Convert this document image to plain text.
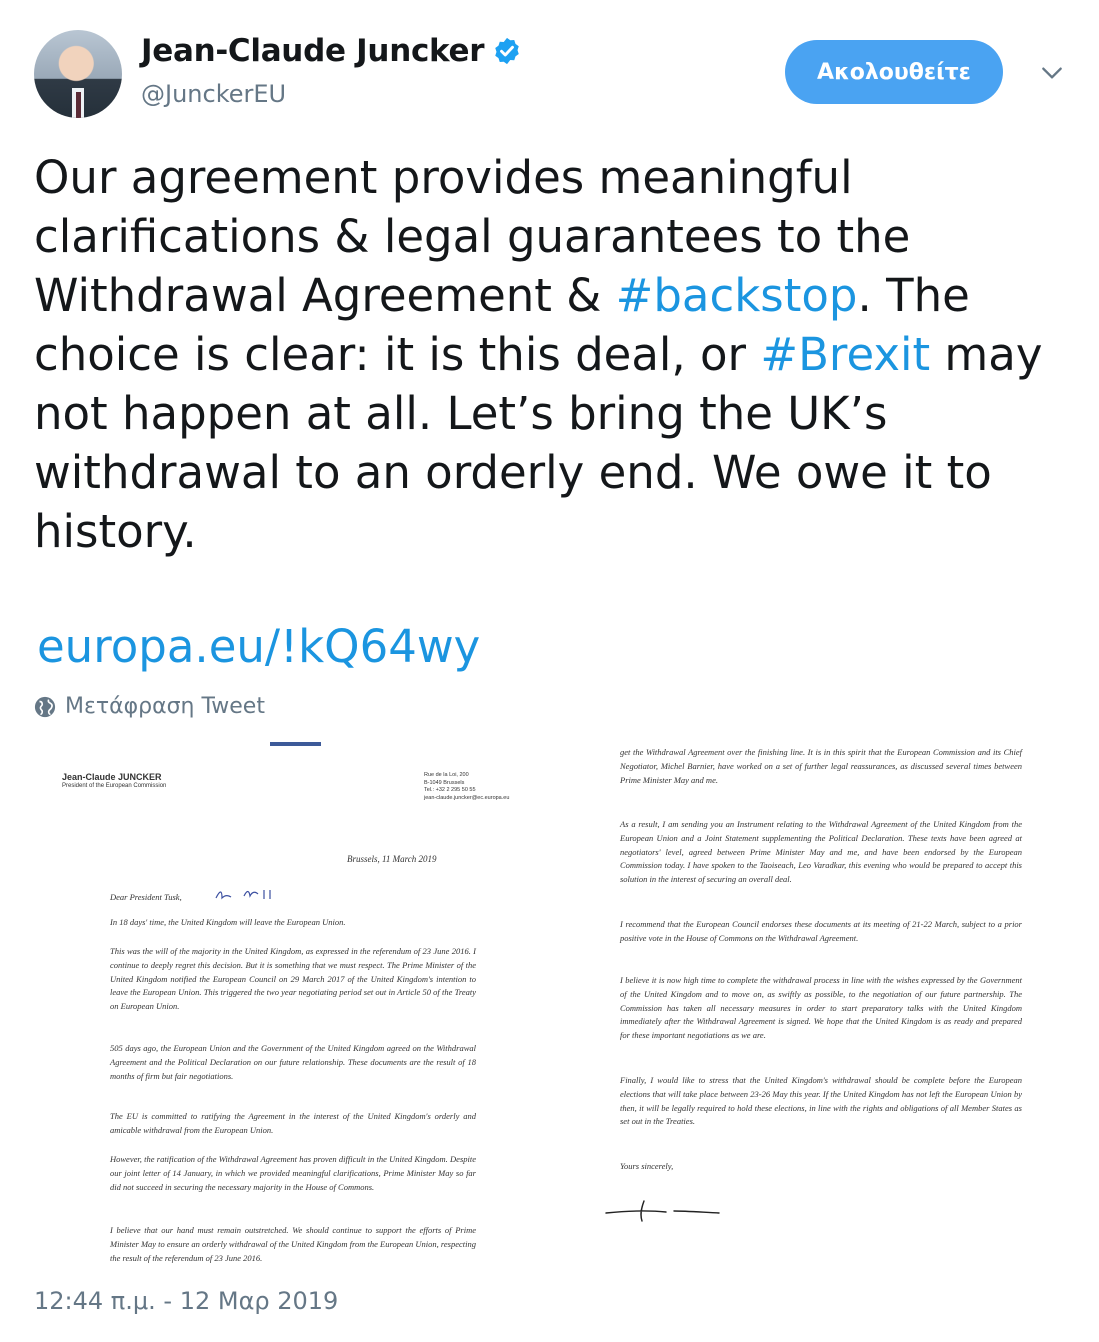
Jean-Claude Juncker
@JunckerEU
Ακολουθείτε

Our agreement provides meaningful clarifications & legal guarantees to the Withdrawal Agreement & #backstop. The choice is clear: it is this deal, or #Brexit may not happen at all. Let’s bring the UK’s withdrawal to an orderly end. We owe it to history.

europa.eu/!kQ64wy
Μετάφραση Tweet
Jean-Claude JUNCKER
President of the European Commission
Rue de la Loi, 200
B-1049 Brussels
Tel.: +32 2 295 50 55
jean-claude.juncker@ec.europa.eu
Brussels, 11 March 2019
Dear President Tusk,

In 18 days' time, the United Kingdom will leave the European Union.

This was the will of the majority in the United Kingdom, as expressed in the referendum of 23 June 2016. I continue to deeply regret this decision. But it is something that we must respect. The Prime Minister of the United Kingdom notified the European Council on 29 March 2017 of the United Kingdom's intention to leave the European Union. This triggered the two year negotiating period set out in Article 50 of the Treaty on European Union.

505 days ago, the European Union and the Government of the United Kingdom agreed on the Withdrawal Agreement and the Political Declaration on our future relationship. These documents are the result of 18 months of firm but fair negotiations.

The EU is committed to ratifying the Agreement in the interest of the United Kingdom's orderly and amicable withdrawal from the European Union.

However, the ratification of the Withdrawal Agreement has proven difficult in the United Kingdom. Despite our joint letter of 14 January, in which we provided meaningful clarifications, Prime Minister May so far did not succeed in securing the necessary majority in the House of Commons.

I believe that our hand must remain outstretched. We should continue to support the efforts of Prime Minister May to ensure an orderly withdrawal of the United Kingdom from the European Union, respecting the result of the referendum of 23 June 2016.

get the Withdrawal Agreement over the finishing line. It is in this spirit that the European Commission and its Chief Negotiator, Michel Barnier, have worked on a set of further legal reassurances, as discussed several times between Prime Minister May and me.

As a result, I am sending you an Instrument relating to the Withdrawal Agreement of the United Kingdom from the European Union and a Joint Statement supplementing the Political Declaration. These texts have been agreed at negotiators' level, agreed between Prime Minister May and me, and have been endorsed by the European Commission today. I have spoken to the Taoiseach, Leo Varadkar, this evening who would be prepared to accept this solution in the interest of securing an overall deal.

I recommend that the European Council endorses these documents at its meeting of 21-22 March, subject to a prior positive vote in the House of Commons on the Withdrawal Agreement.

I believe it is now high time to complete the withdrawal process in line with the wishes expressed by the Government of the United Kingdom and to move on, as swiftly as possible, to the negotiation of our future partnership. The Commission has taken all necessary measures in order to start preparatory talks with the United Kingdom immediately after the Withdrawal Agreement is signed. We hope that the United Kingdom is as ready and prepared for these important negotiations as we are.

Finally, I would like to stress that the United Kingdom's withdrawal should be complete before the European elections that will take place between 23-26 May this year. If the United Kingdom has not left the European Union by then, it will be legally required to hold these elections, in line with the rights and obligations of all Member States as set out in the Treaties.

Yours sincerely,

12:44 π.μ. - 12 Μαρ 2019
